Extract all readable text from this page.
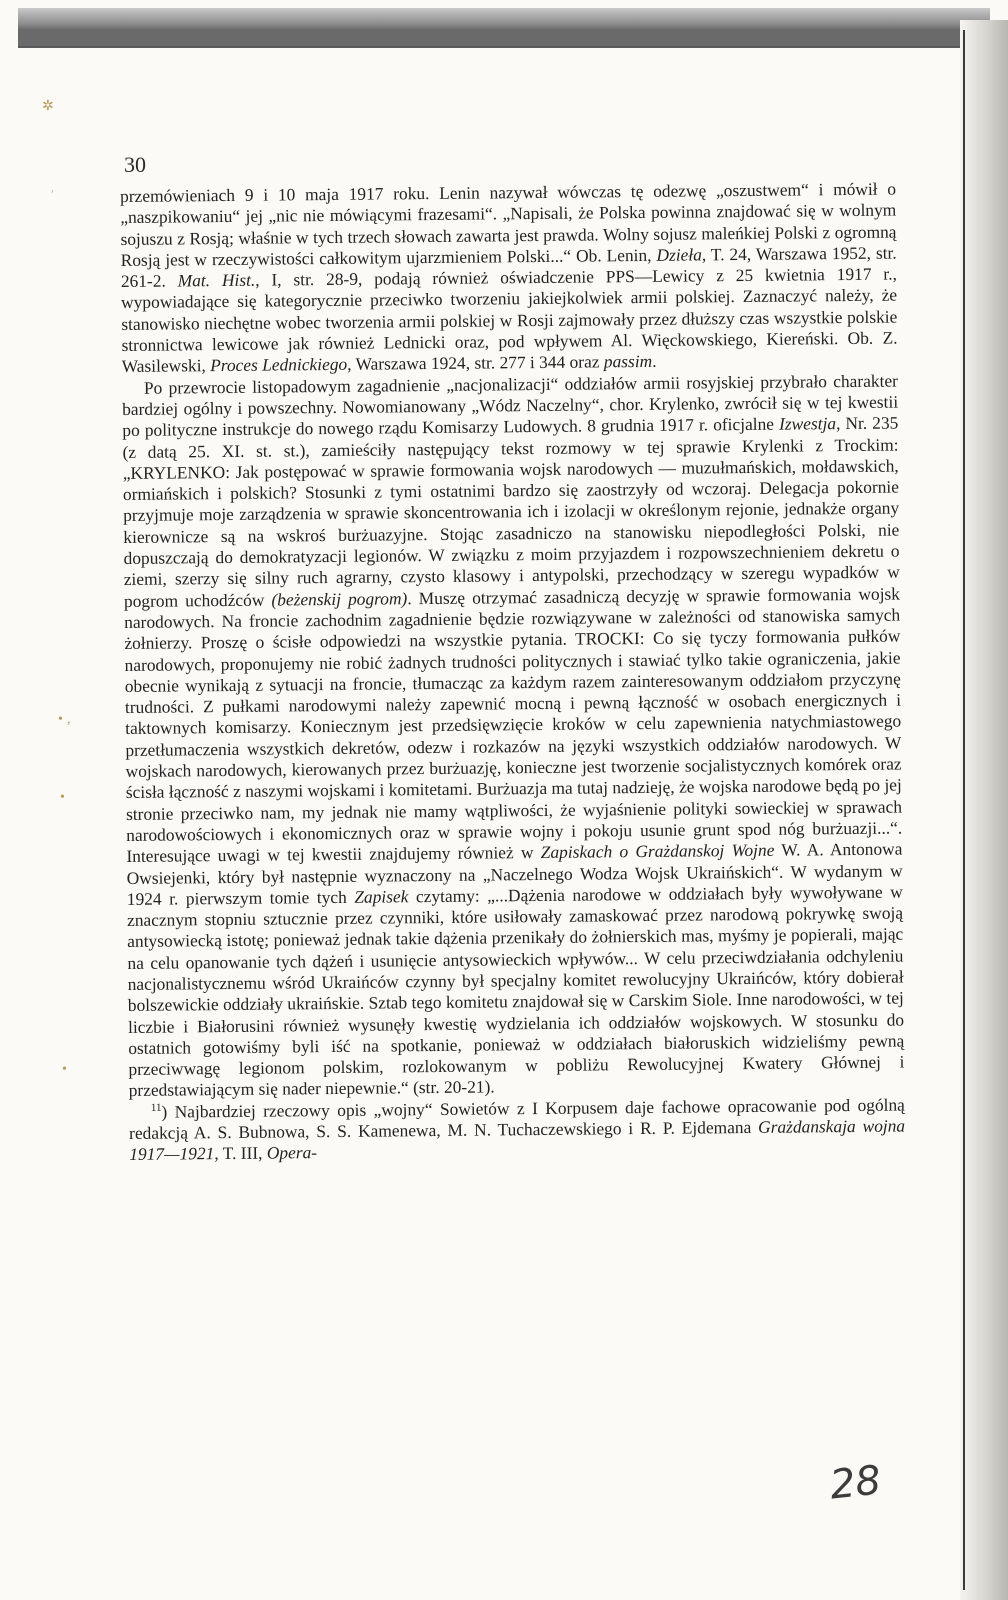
✲
˒
• ‚
•
•
30

przemówieniach 9 i 10 maja 1917 roku. Lenin nazywał wówczas tę odezwę „oszustwem“ i mówił o „naszpikowaniu“ jej „nic nie mówiącymi frazesami“. „Napisali, że Polska powinna znajdować się w wolnym sojuszu z Rosją; właśnie w tych trzech słowach zawarta jest prawda. Wolny sojusz maleńkiej Polski z ogromną Rosją jest w rzeczywistości całkowitym ujarzmieniem Polski...“ Ob. Lenin, Dzieła, T. 24, Warszawa 1952, str. 261-2. Mat. Hist., I, str. 28-9, podają również oświadczenie PPS—Lewicy z 25 kwietnia 1917 r., wypowiadające się kategorycznie przeciwko tworzeniu jakiejkolwiek armii polskiej. Zaznaczyć należy, że stanowisko niechętne wobec tworzenia armii polskiej w Rosji zajmowały przez dłuższy czas wszystkie polskie stronnictwa lewicowe jak również Lednicki oraz, pod wpływem Al. Więckowskiego, Kiereński. Ob. Z. Wasilewski, Proces Lednickiego, Warszawa 1924, str. 277 i 344 oraz passim.

Po przewrocie listopadowym zagadnienie „nacjonalizacji“ oddziałów armii rosyjskiej przybrało charakter bardziej ogólny i powszechny. Nowomianowany „Wódz Naczelny“, chor. Krylenko, zwrócił się w tej kwestii po polityczne instrukcje do nowego rządu Komisarzy Ludowych. 8 grudnia 1917 r. oficjalne Izwestja, Nr. 235 (z datą 25. XI. st. st.), zamieściły następujący tekst rozmowy w tej sprawie Krylenki z Trockim: „KRYLENKO: Jak postępować w sprawie formowania wojsk narodowych — muzułmańskich, mołdawskich, ormiańskich i polskich? Stosunki z tymi ostatnimi bardzo się zaostrzyły od wczoraj. Delegacja pokornie przyjmuje moje zarządzenia w sprawie skoncentrowania ich i izolacji w określonym rejonie, jednakże organy kierownicze są na wskroś burżuazyjne. Stojąc zasadniczo na stanowisku niepodległości Polski, nie dopuszczają do demokratyzacji legionów. W związku z moim przyjazdem i rozpowszechnieniem dekretu o ziemi, szerzy się silny ruch agrarny, czysto klasowy i antypolski, przechodzący w szeregu wypadków w pogrom uchodźców (beżenskij pogrom). Muszę otrzymać zasadniczą decyzję w sprawie formowania wojsk narodowych. Na froncie zachodnim zagadnienie będzie rozwiązywane w zależności od stanowiska samych żołnierzy. Proszę o ścisłe odpowiedzi na wszystkie pytania. TROCKI: Co się tyczy formowania pułków narodowych, proponujemy nie robić żadnych trudności politycznych i stawiać tylko takie ograniczenia, jakie obecnie wynikają z sytuacji na froncie, tłumacząc za każdym razem zainteresowanym oddziałom przyczynę trudności. Z pułkami narodowymi należy zapewnić mocną i pewną łączność w osobach energicznych i taktownych komisarzy. Koniecznym jest przedsięwzięcie kroków w celu zapewnienia natychmiastowego przetłumaczenia wszystkich dekretów, odezw i rozkazów na języki wszystkich oddziałów narodowych. W wojskach narodowych, kierowanych przez burżuazję, konieczne jest tworzenie socjalistycznych komórek oraz ścisła łączność z naszymi wojskami i komitetami. Burżuazja ma tutaj nadzieję, że wojska narodowe będą po jej stronie przeciwko nam, my jednak nie mamy wątpliwości, że wyjaśnienie polityki sowieckiej w sprawach narodowościowych i ekonomicznych oraz w sprawie wojny i pokoju usunie grunt spod nóg burżuazji...“. Interesujące uwagi w tej kwestii znajdujemy również w Zapiskach o Grażdanskoj Wojne W. A. Antonowa Owsiejenki, który był następnie wyznaczony na „Naczelnego Wodza Wojsk Ukraińskich“. W wydanym w 1924 r. pierwszym tomie tych Zapisek czytamy: „...Dążenia narodowe w oddziałach były wywoływane w znacznym stopniu sztucznie przez czynniki, które usiłowały zamaskować przez narodową pokrywkę swoją antysowiecką istotę; ponieważ jednak takie dążenia przenikały do żołnierskich mas, myśmy je popierali, mając na celu opanowanie tych dążeń i usunięcie antysowieckich wpływów... W celu przeciwdziałania odchyleniu nacjonalistycznemu wśród Ukraińców czynny był specjalny komitet rewolucyjny Ukraińców, który dobierał bolszewickie oddziały ukraińskie. Sztab tego komitetu znajdował się w Carskim Siole. Inne narodowości, w tej liczbie i Białorusini również wysunęły kwestię wydzielania ich oddziałów wojskowych. W stosunku do ostatnich gotowiśmy byli iść na spotkanie, ponieważ w oddziałach białoruskich widzieliśmy pewną przeciwwagę legionom polskim, rozlokowanym w pobliżu Rewolucyjnej Kwatery Głównej i przedstawiającym się nader niepewnie.“ (str. 20-21).

$^{11}$) Najbardziej rzeczowy opis „wojny“ Sowietów z I Korpusem daje fachowe opracowanie pod ogólną redakcją A. S. Bubnowa, S. S. Kamenewa, M. N. Tuchaczewskiego i R. P. Ejdemana Grażdanskaja wojna 1917—1921, T. III, Opera-

28
